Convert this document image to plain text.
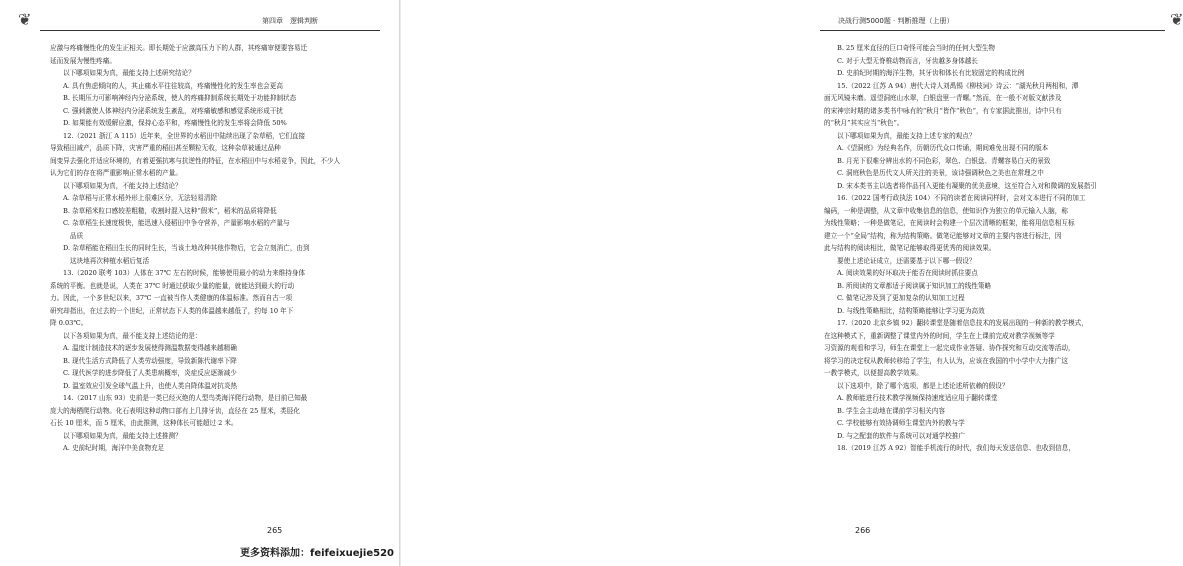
❦	第四章　逻辑判断

应激与疼痛慢性化的发生正相关。即长期处于应激高压力下的人群，其疼痛审便要容易迁

延而发展为慢性疼痛。

以下哪项如果为真，最能支持上述研究结论？

A. 具有焦虑倾向的人，其止痛水平往往较高，疼痛慢性化的发生率也会更高

B. 长期压力可影响神经内分泌系统，使人的疼痛抑制系统长期处于功能抑制状态

C. 强刺激使人体神经内分泌系统发生紊乱，对疼痛敏感和感觉系统形成干扰

D. 如果能有效缓解应激，保持心态平和，疼痛慢性化的发生率将会降低 50%

12.（2021 浙江 A 115）近年来，全世界的水稻田中陆续出现了杂草稻，它们直接

导致稻田减产，品质下降，灾害严重的稻田甚至颗粒无收，这种杂草被通过品种

间变异去强化并适应环境的，有着更强抗寒与抗逆性的特征，在水稻田中与水稻竞争，因此，不少人

认为它们的存在将严重影响正常水稻的产量。

以下哪项如果为真，不能支持上述结论？

A. 杂草稻与正常水稻外形上很难区分，无法轻易清除

B. 杂草稻米粒口感较差粗糙，收割时混入这种“假米”，稻米的品质将降低

C. 杂草稻生长速度极快，能迅速入侵稻田中争夺营养，产量影响水稻的产量与

品质

D. 杂草稻能在稻田生长的同时生长，当该土地改种其他作物后，它会立刻消亡，由到

这块地再次种植水稻后复活

13.（2020 联考 103）人体在 37℃ 左右的时候，能够使用最小的动力来维持身体

系统的平衡。也就是说，人类在 37℃ 时通过获取少量的能量，就能达到最大的行动

力。因此，一个多世纪以来，37℃ 一直被当作人类健康的体温标准。然而自古一项

研究却指出，在过去的一个世纪，正常状态下人类的体温越来越低了，约每 10 年下

降 0.03℃。

以下各项如果为真，最不能支持上述结论的是：

A. 温度计制造技术的逐步发展使得测温数据变得越来越精确

B. 现代生活方式降低了人类劳动强度，导致新陈代谢率下降

C. 现代医学的进步降低了人类患病概率，炎症反应逐渐减少

D. 温室效应引发全球气温上升，也使人类自降体温对抗炎热

14.（2017 山东 93）史前是一类已经灭绝的人型鸟类海洋爬行动物，是目前已知最

庞大的海栖爬行动物。化石表明这种动物口部有上几排牙齿，直径在 25 厘米，类胫化

石长 10 厘米，而 5 厘米，由此推测，这种体长可能超过 2 米。

以下哪项如果为真，最能支持上述推测？

A. 史前纪时期，海洋中美食物充足

265
决战行测5000题 · 判断推理（上册）	❦

B. 25 厘米直径的巨口奇怪可能会当时的任何大型生物

C. 对于大型无脊椎动物而言，牙齿越多身体越长

D. 史前纪时期的海洋生物，其牙齿和体长有比较固定的构成比例

15.（2022 江苏 A 94）唐代大诗人刘禹锡《柳枝词》诗云：“湖光秋月两相和，潭

面无风镜未磨。遥望洞庭山水翠，白银盘里一青螺。”然而，在一般不对版文献涉及

的宋神宗时期的诸多类书中咏有的“秋月”皆作“秋色”，有专家据此推出，诗中只有

的“秋月”其实应当“秋色”。

以下哪项如果为真，最能支持上述专家的观点？

A.《望洞庭》为经典名作，历朝历代众口传诵，期间难免出现不同的版本

B. 月光下很难分辨出水的不同色彩，翠色、白银盘、青螺容易白天的景致

C. 洞庭秋色是历代文人所关注的美景，该诗强调秋色之美也在常理之中

D. 宋本类书主以选者将作品刊入更能有凝聚的优美意境，这至符合入对和微调的发展指引

16.（2022 国考行政执法 104）不同的读者在阅读同样时，会对文本进行不同的加工

编码，一种是调整，从文章中收集信息的信息，使知识作为独立的单元输入人脑，称

为线性策略；一种是做笔记，在阅读时会构建一个层次清晰的框架，能将用信息相互标

建立一个“全局”结构，称为结构策略。做笔记能够对文章的主要内容进行标注，因

此与结构的阅读相比，做笔记能够取得更优秀的阅读效果。

要使上述论证成立，还需要基于以下哪一假设？

A. 阅读效果的好坏取决于能否在阅读时抓住要点

B. 所阅读的文章都适于阅读属于知识加工的线性策略

C. 做笔记涉及到了更加复杂的认知加工过程

D. 与线性策略相比，结构策略能够让学习更为高效

17.（2020 北京乡镇 92）翻转课堂是随着信息技术的发展出现的一种新的教学模式，

在这种模式下，重新调整了课堂内外的时间，学生在上课前完成对教学视频等学

习资源的观看和学习，师生在课堂上一起完成作业答疑、协作探究和互动交流等活动，

将学习的决定权从教师转移给了学生，有人认为，应该在我国的中小学中大力推广这

一教学模式，以便提高教学效果。

以下选项中，除了哪个选项，都是上述论述所依赖的假设？

A. 教师能进行技术教学视频保持速度适应用于翻转课堂

B. 学生会主动地在课前学习相关内容

C. 学校能够有效协调师生课堂内外的教与学

D. 与之配套的软件与系统可以对通学校推广

18.（2019 江苏 A 92）智能手机流行的时代，我们每天发送信息、也收到信息，

266
更多资料添加：feifeixuejie520
